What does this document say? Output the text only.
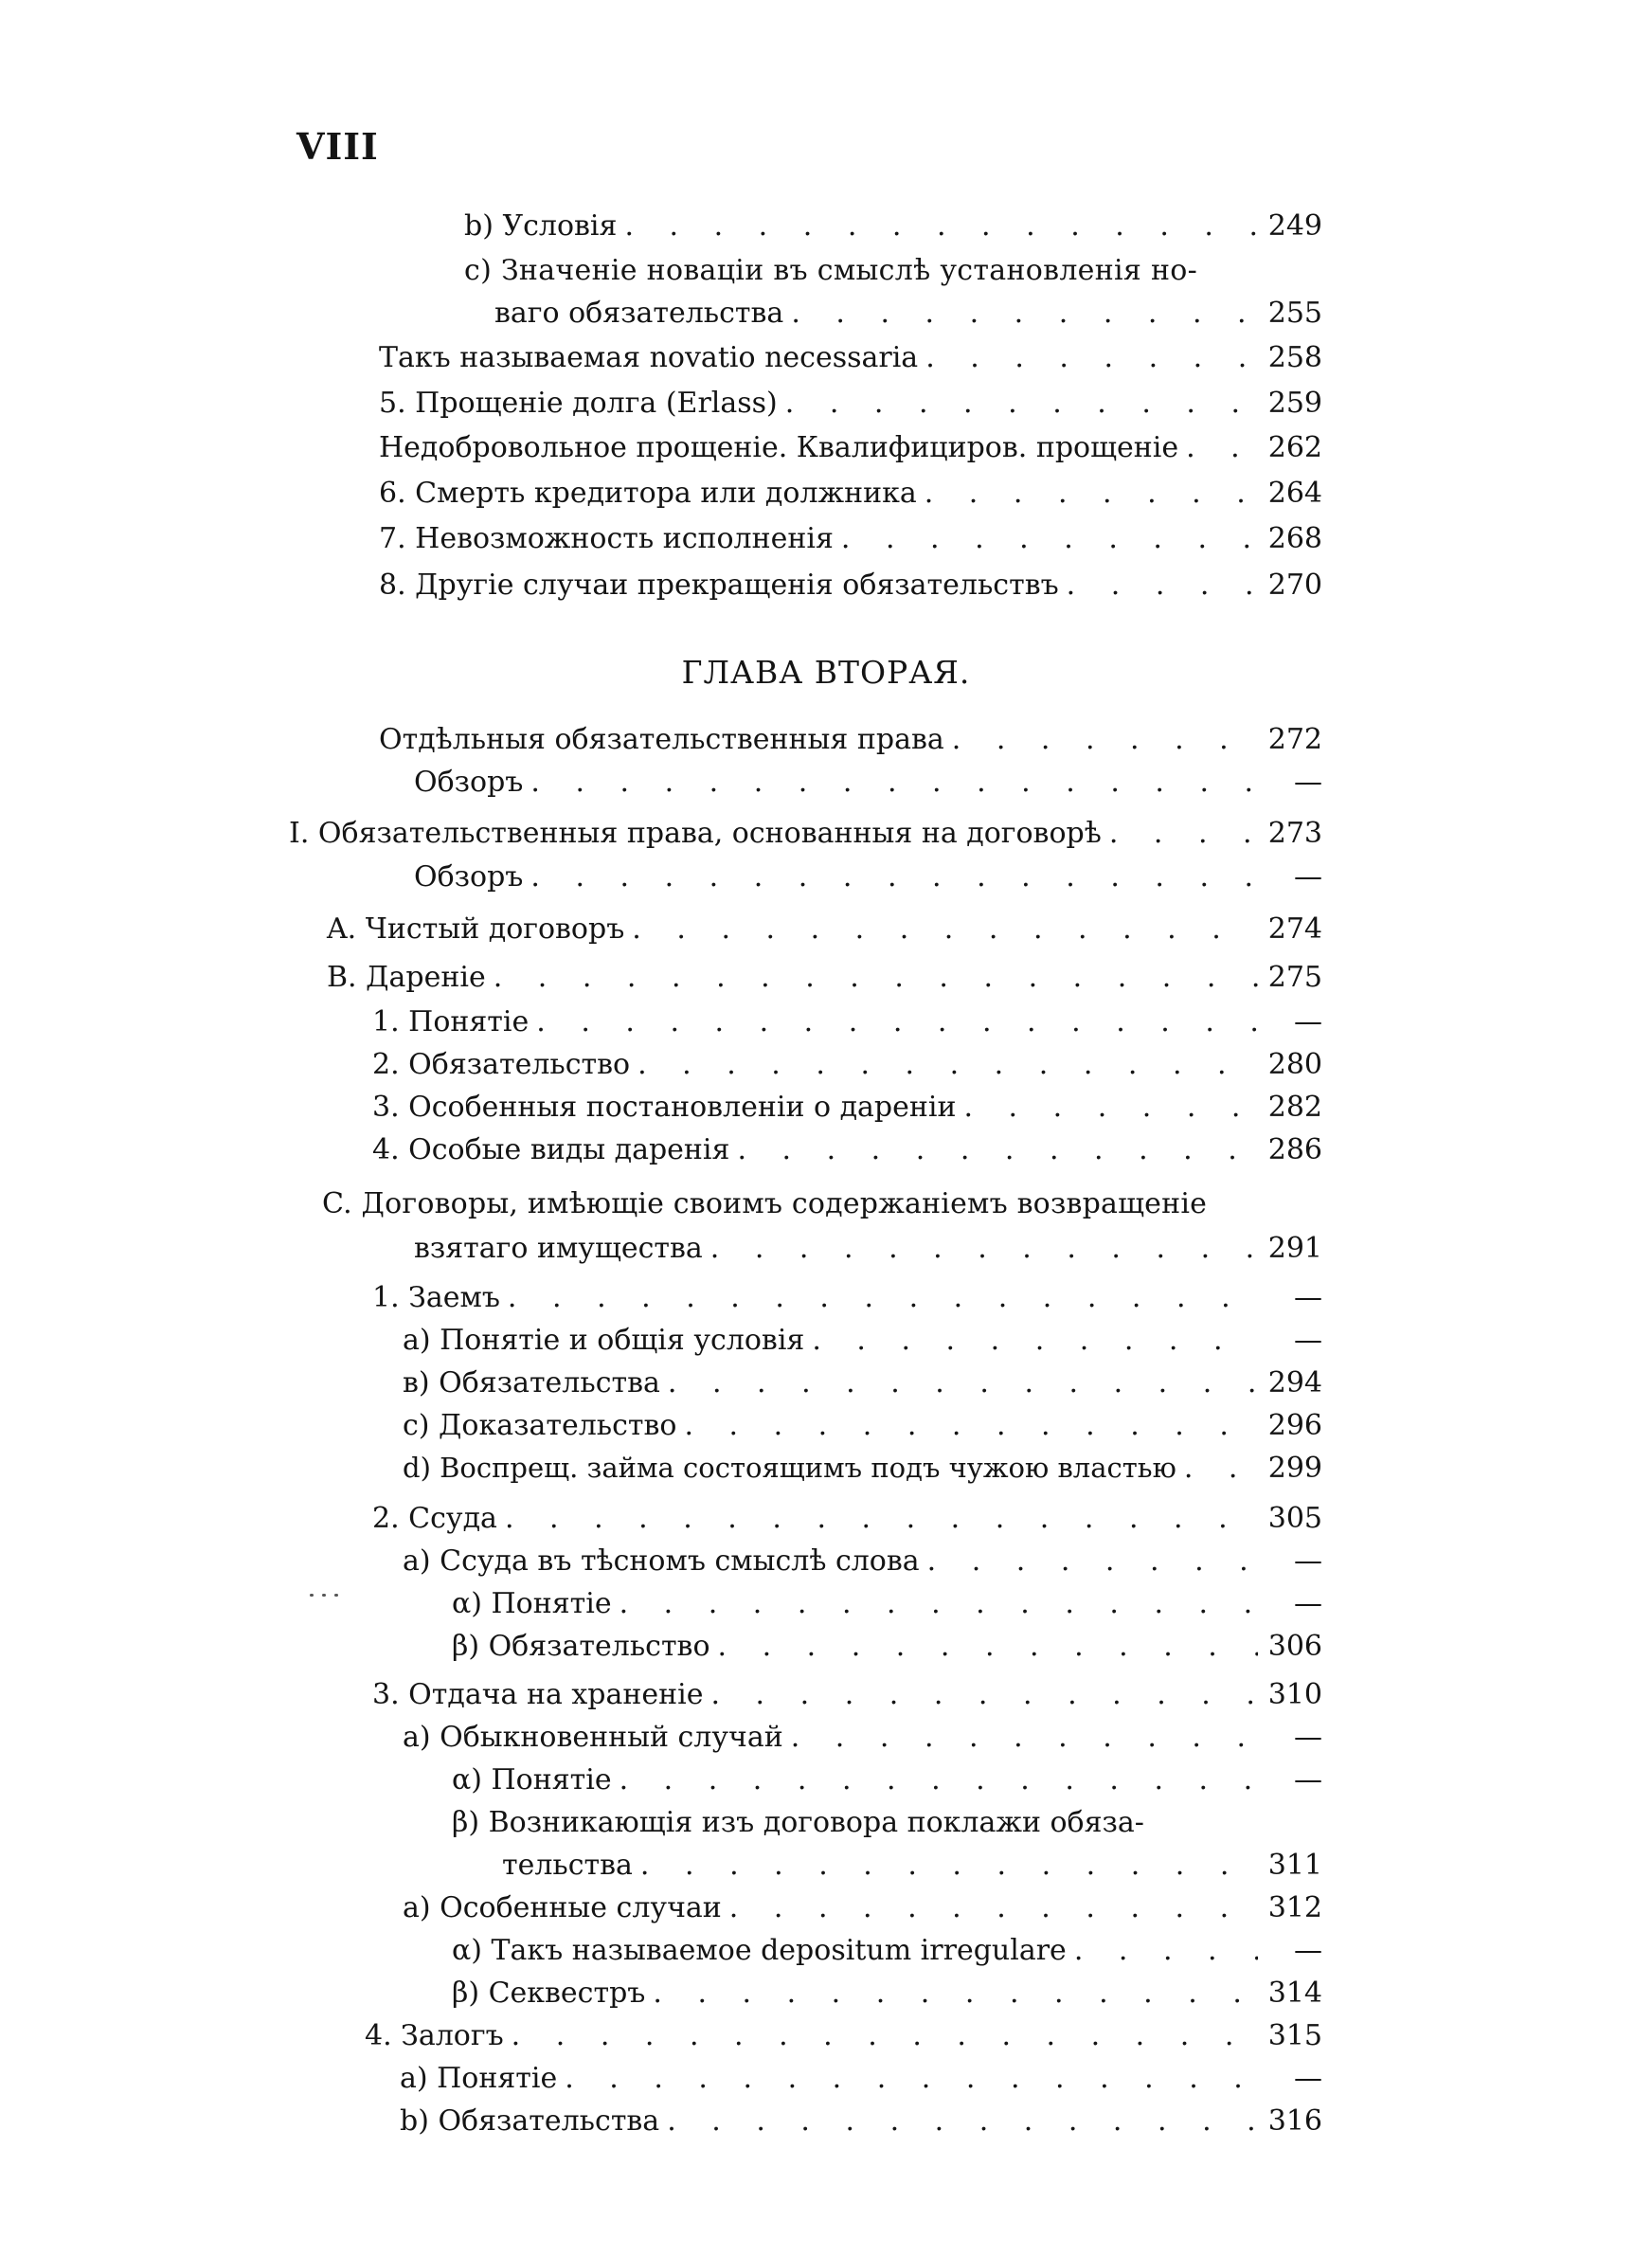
VIII
b) Условія . . .	249
c) Значеніе новаціи въ смыслѣ установленія но-
ваго обязательства . . .	255
Такъ называемая novatio necessaria . . .	258
5. Прощеніе долга (Erlass) . . .	259
Недобровольное прощеніе. Квалифициров. прощеніе . . .	262
6. Смерть кредитора или должника . . .	264
7. Невозможность исполненія . . .	268
8. Другіе случаи прекращенія обязательствъ . . .	270
ГЛАВА ВТОРАЯ.
Отдѣльныя обязательственныя права . . .	272
Обзоръ . . .	—
I. Обязательственныя права, основанныя на договорѣ . . .	273
Обзоръ . . .	—
A. Чистый договоръ . . .	274
B. Дареніе . . .	275
1. Понятіе . . .	—
2. Обязательство . . .	280
3. Особенныя постановленіи о дареніи . . .	282
4. Особые виды даренія . . .	286
C. Договоры, имѣющіе своимъ содержаніемъ возвращеніе
взятаго имущества . . .	291
1. Заемъ . . .	—
a) Понятіе и общія условія . . .	—
в) Обязательства . . .	294
c) Доказательство . . .	296
d) Воспрещ. займа состоящимъ подъ чужою властью . . .	299
2. Ссуда . . .	305
a) Ссуда въ тѣсномъ смыслѣ слова . . .	—
α) Понятіе . . .	—
β) Обязательство . . .	306
3. Отдача на храненіе . . .	310
a) Обыкновенный случай . . .	—
α) Понятіе . . .	—
β) Возникающія изъ договора поклажи обяза-
тельства . . .	311
a) Особенные случаи . . .	312
α) Такъ называемое depositum irregulare . . .	—
β) Секвестръ . . .	314
4. Залогъ . . .	315
a) Понятіе . . .	—
b) Обязательства . . .	316
